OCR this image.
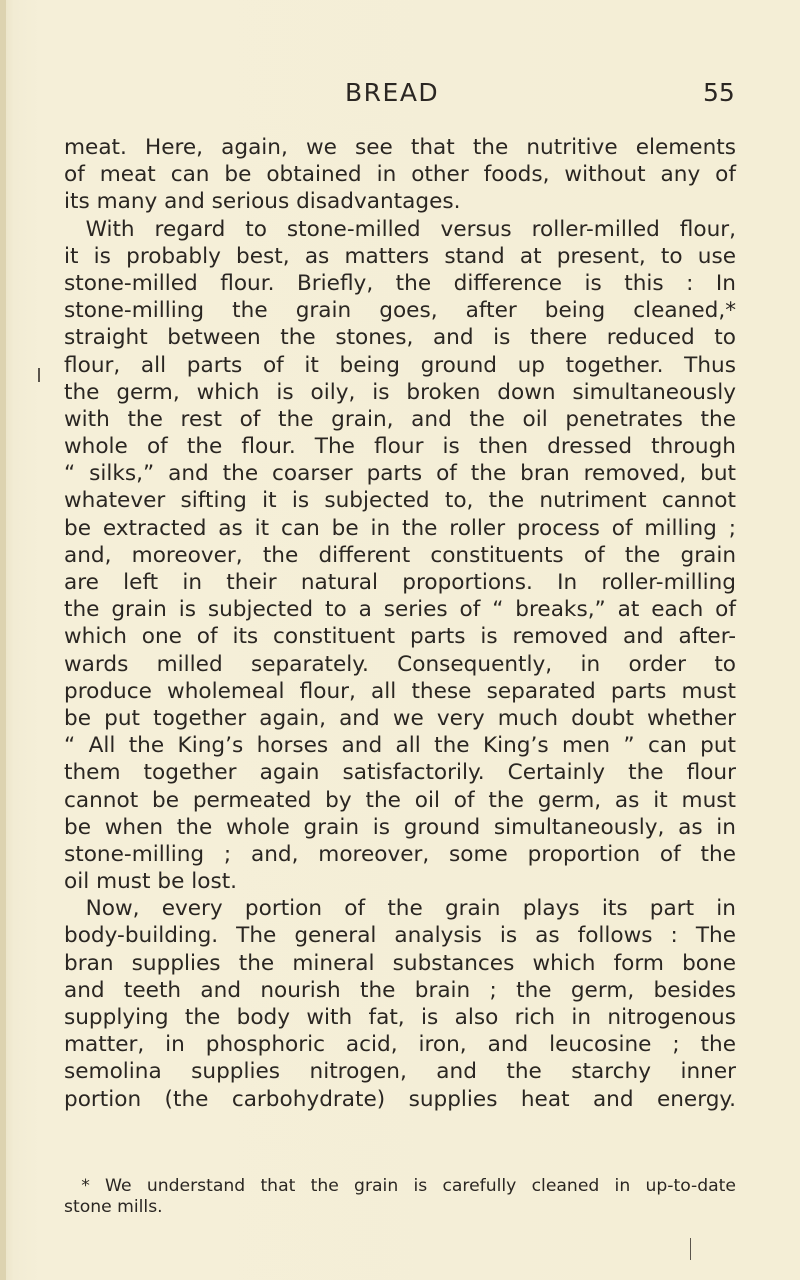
BREAD	55
meat. Here, again, we see that the nutritive elements
of meat can be obtained in other foods, without any of
its many and serious disadvantages.
 With regard to stone-milled versus roller-milled flour,
it is probably best, as matters stand at present, to use
stone-milled flour. Briefly, the difference is this : In
stone-milling the grain goes, after being cleaned,*
straight between the stones, and is there reduced to
flour, all parts of it being ground up together. Thus
the germ, which is oily, is broken down simultaneously
with the rest of the grain, and the oil penetrates the
whole of the flour. The flour is then dressed through
“ silks,” and the coarser parts of the bran removed, but
whatever sifting it is subjected to, the nutriment cannot
be extracted as it can be in the roller process of milling ;
and, moreover, the different constituents of the grain
are left in their natural proportions. In roller-milling
the grain is subjected to a series of “ breaks,” at each of
which one of its constituent parts is removed and after-
wards milled separately. Consequently, in order to
produce wholemeal flour, all these separated parts must
be put together again, and we very much doubt whether
“ All the King’s horses and all the King’s men ” can put
them together again satisfactorily. Certainly the flour
cannot be permeated by the oil of the germ, as it must
be when the whole grain is ground simultaneously, as in
stone-milling ; and, moreover, some proportion of the
oil must be lost.
 Now, every portion of the grain plays its part in
body-building. The general analysis is as follows : The
bran supplies the mineral substances which form bone
and teeth and nourish the brain ; the germ, besides
supplying the body with fat, is also rich in nitrogenous
matter, in phosphoric acid, iron, and leucosine ; the
semolina supplies nitrogen, and the starchy inner
portion (the carbohydrate) supplies heat and energy.
 * We understand that the grain is carefully cleaned in up-to-date
stone mills.
